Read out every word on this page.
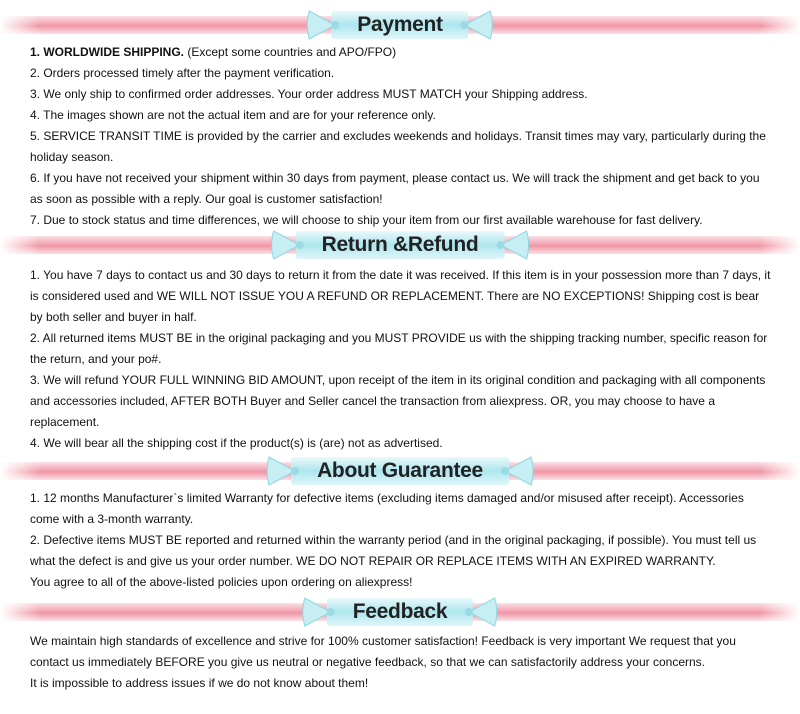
Payment

1. WORLDWIDE SHIPPING. (Except some countries and APO/FPO)

2. Orders processed timely after the payment verification.

3. We only ship to confirmed order addresses. Your order address MUST MATCH your Shipping address.

4. The images shown are not the actual item and are for your reference only.

5. SERVICE TRANSIT TIME is provided by the carrier and excludes weekends and holidays. Transit times may vary, particularly during the holiday season.

6. If you have not received your shipment within 30 days from payment, please contact us. We will track the shipment and get back to you as soon as possible with a reply. Our goal is customer satisfaction!

7. Due to stock status and time differences, we will choose to ship your item from our first available warehouse for fast delivery.

Return &Refund

1. You have 7 days to contact us and 30 days to return it from the date it was received. If this item is in your possession more than 7 days, it is considered used and WE WILL NOT ISSUE YOU A REFUND OR REPLACEMENT. There are NO EXCEPTIONS! Shipping cost is bear by both seller and buyer in half.

2. All returned items MUST BE in the original packaging and you MUST PROVIDE us with the shipping tracking number, specific reason for the return, and your po#.

3. We will refund YOUR FULL WINNING BID AMOUNT, upon receipt of the item in its original condition and packaging with all components and accessories included, AFTER BOTH Buyer and Seller cancel the transaction from aliexpress. OR, you may choose to have a replacement.

4. We will bear all the shipping cost if the product(s) is (are) not as advertised.

About Guarantee

1. 12 months Manufacturer`s limited Warranty for defective items (excluding items damaged and/or misused after receipt). Accessories come with a 3-month warranty.

2. Defective items MUST BE reported and returned within the warranty period (and in the original packaging, if possible). You must tell us what the defect is and give us your order number. WE DO NOT REPAIR OR REPLACE ITEMS WITH AN EXPIRED WARRANTY.

You agree to all of the above-listed policies upon ordering on aliexpress!

Feedback

We maintain high standards of excellence and strive for 100% customer satisfaction! Feedback is very important We request that you contact us immediately BEFORE you give us neutral or negative feedback, so that we can satisfactorily address your concerns.

It is impossible to address issues if we do not know about them!
